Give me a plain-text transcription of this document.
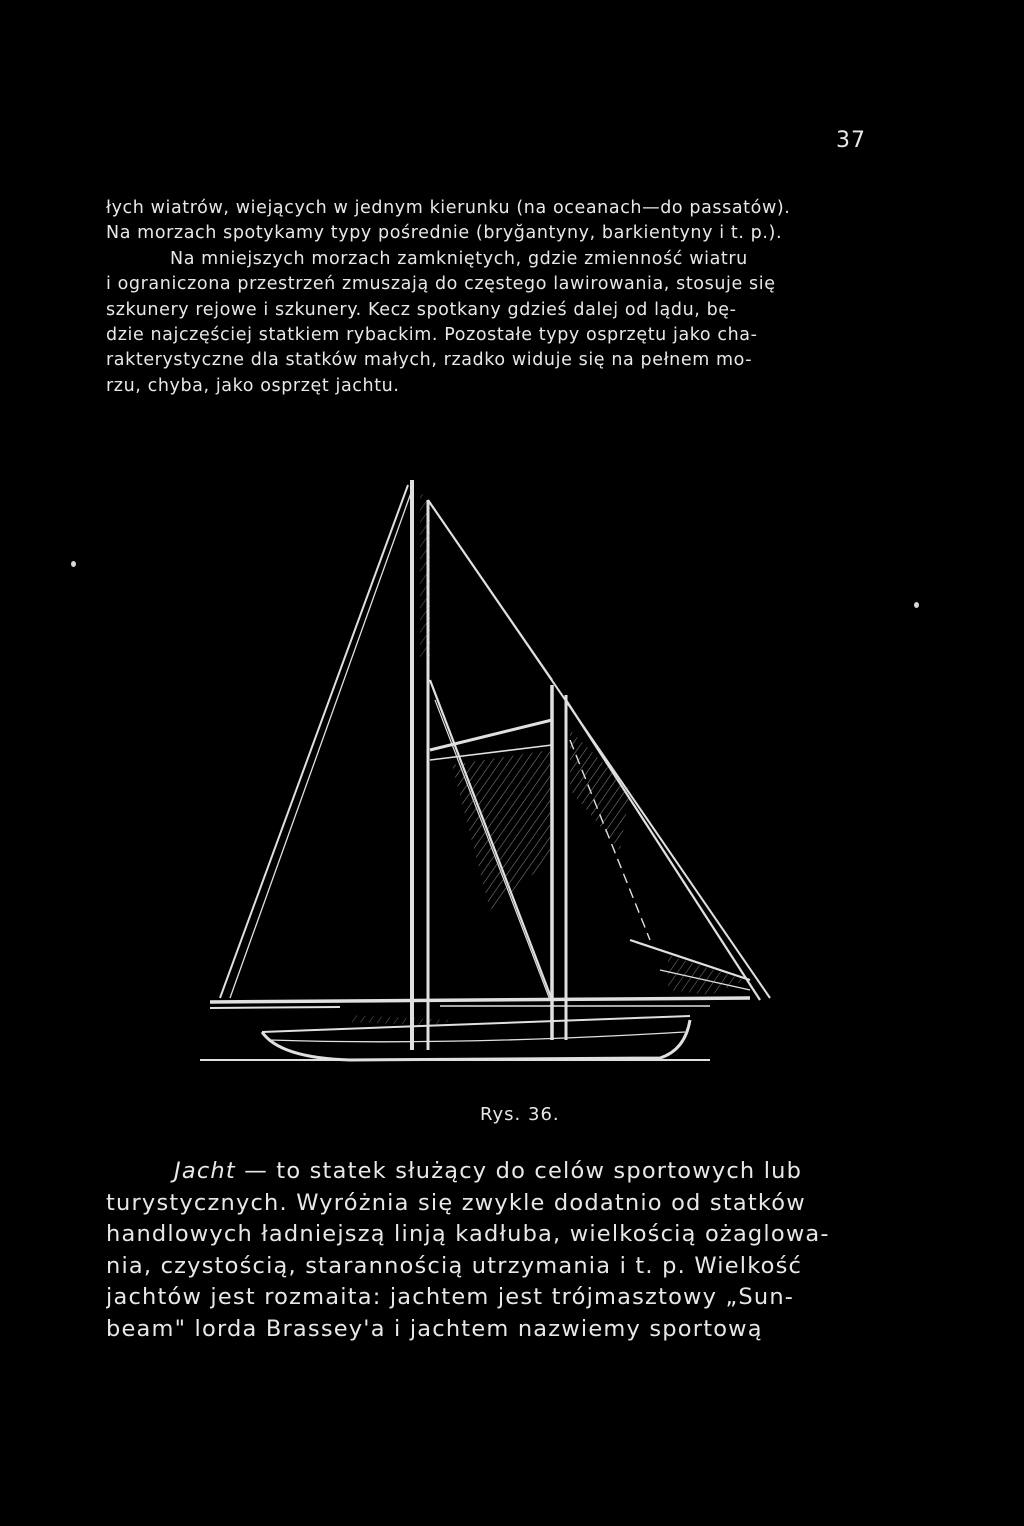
37
łych wiatrów, wiejących w jednym kierunku (na oceanach—do passatów).
Na morzach spotykamy typy pośrednie (bryğantyny, barkientyny i t. p.).
Na mniejszych morzach zamkniętych, gdzie zmienność wiatru
i ograniczona przestrzeń zmuszają do częstego lawirowania, stosuje się
szkunery rejowe i szkunery. Kecz spotkany gdzieś dalej od lądu, bę-
dzie najczęściej statkiem rybackim. Pozostałe typy osprzętu jako cha-
rakterystyczne dla statków małych, rzadko widuje się na pełnem mo-
rzu, chyba, jako osprzęt jachtu.
Rys. 36.
Jacht — to statek służący do celów sportowych lub
turystycznych. Wyróżnia się zwykle dodatnio od statków
handlowych ładniejszą linją kadłuba, wielkością ożaglowa-
nia, czystością, starannością utrzymania i t. p. Wielkość
jachtów jest rozmaita: jachtem jest trójmasztowy „Sun-
beam" lorda Brassey'a i jachtem nazwiemy sportową
